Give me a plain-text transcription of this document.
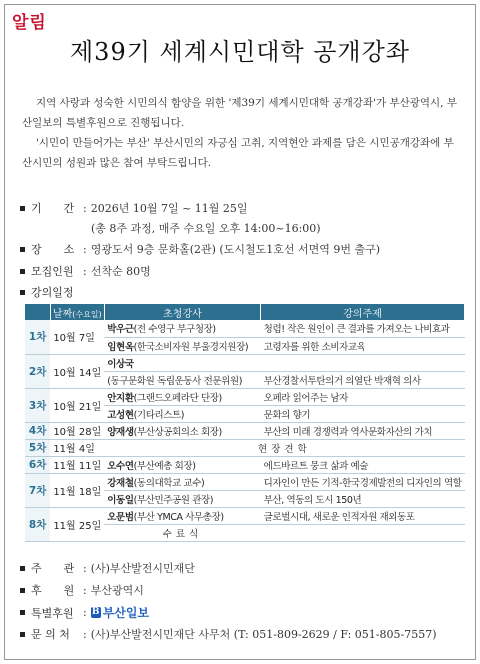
알림
제39기 세계시민대학 공개강좌

지역 사랑과 성숙한 시민의식 함양을 위한 '제39기 세계시민대학 공개강좌'가 부산광역시, 부산일보의 특별후원으로 진행됩니다.

'시민이 만들어가는 부산' 부산시민의 자긍심 고취, 지역현안 과제를 담은 시민공개강좌에 부산시민의 성원과 많은 참여 부탁드립니다.

기　　간 : 2026년 10월 7일 ~ 11월 25일
(총 8주 과정, 매주 수요일 오후 14:00~16:00)
장　　소 : 영광도서 9층 문화홀(2관) (도시철도1호선 서면역 9번 출구)
모집인원 : 선착순 80명
강의일정
	날짜(수요일)	초청강사	강의주제
1차	10월 7일	박우근(전 수영구 부구청장)	청렴! 작은 원인이 큰 결과를 가져오는 나비효과
		임현옥(한국소비자원 부울경지원장)	고령자를 위한 소비자교육
2차	10월 14일	이상국	
		(동구문화원 독립운동사 전문위원)	부산경찰서투탄의거 의열단 박재혁 의사
3차	10월 21일	안지환(그랜드오페라단 단장)	오페라 읽어주는 남자
		고성현(기타리스트)	문화의 향기
4차	10월 28일	양재생(부산상공회의소 회장)	부산의 미래 경쟁력과 역사문화자산의 가치
5차	11월 4일	현장견학	
6차	11월 11일	오수연(부산예총 회장)	에드바르트 뭉크 삶과 예술
7차	11월 18일	강재철(동의대학교 교수)	디자인이 만든 기적-한국경제발전의 디자인의 역할
		이동일(부산민주공원 관장)	부산, 역동의 도시 150년
8차	11월 25일	오문범(부산 YMCA 사무총장)	글로벌시대, 새로운 인적자원 재외동포
		수료식	
주　　관 : (사)부산발전시민재단
후　　원 : 부산광역시
특별후원 : B 부산일보
문 의 처	: (사)부산발전시민재단 사무처 (T: 051-809-2629 / F: 051-805-7557)
